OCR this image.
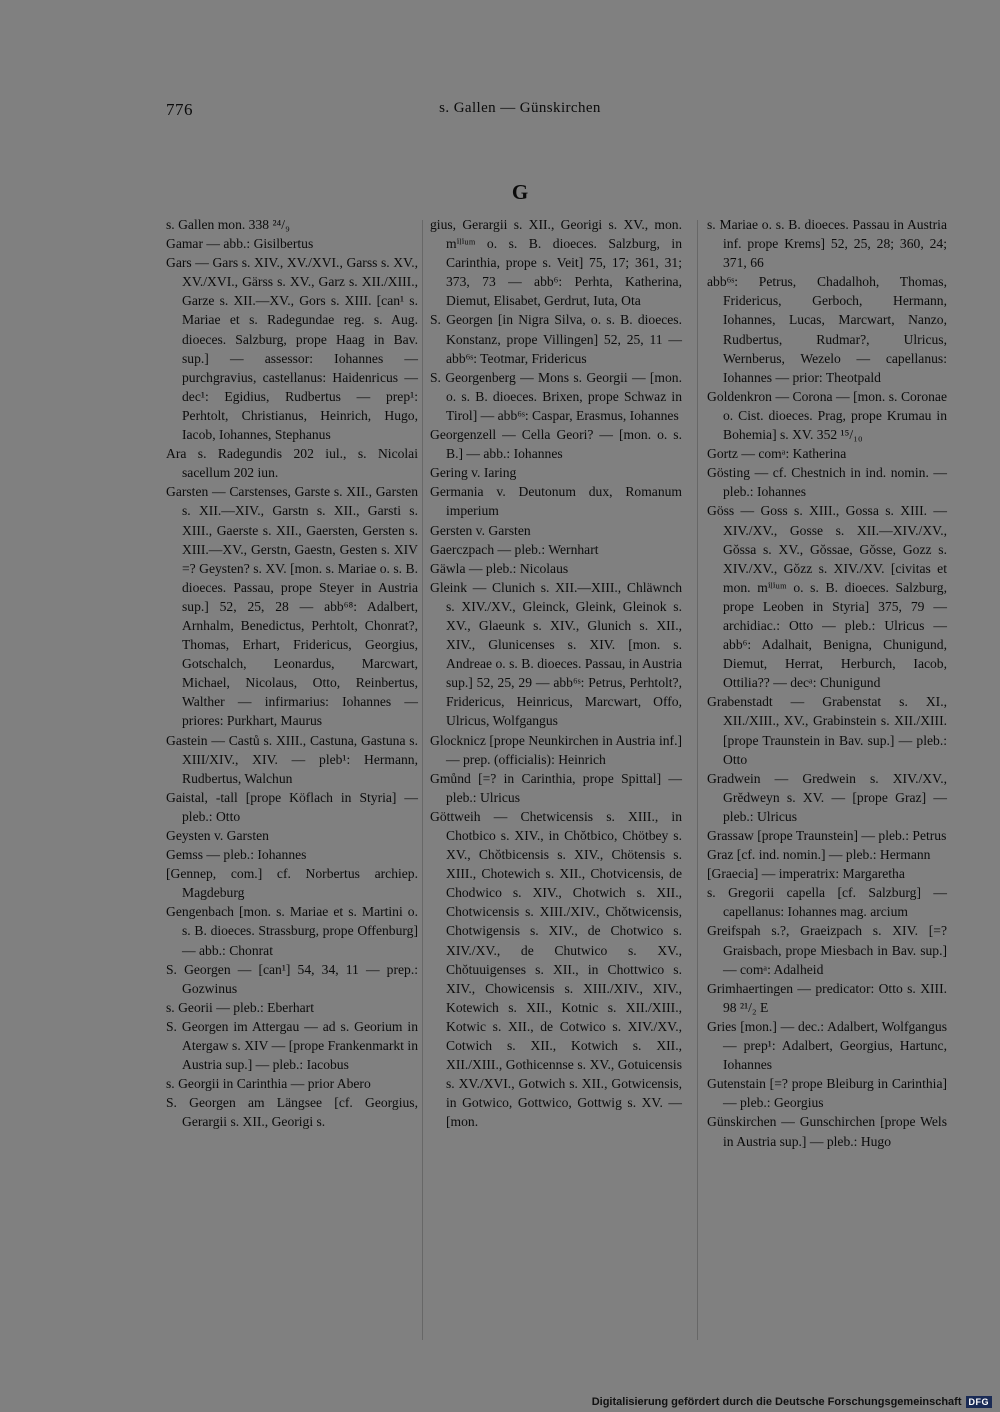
776	s. Gallen — Günskirchen
G

s. Gallen mon. 338 ²⁴/₉

Gamar — abb.: Gisilbertus

Gars — Gars s. XIV., XV./XVI., Garss s. XV., XV./XVI., Gärss s. XV., Garz s. XII./XIII., Garze s. XII.—XV., Gors s. XIII. [can¹ s. Mariae et s. Radegundae reg. s. Aug. dioeces. Salzburg, prope Haag in Bav. sup.] — assessor: Iohannes — purchgravius, castellanus: Haidenricus — dec¹: Egidius, Rudbertus — prep¹: Perhtolt, Christianus, Heinrich, Hugo, Iacob, Iohannes, Stephanus

Ara s. Radegundis 202 iul., s. Nicolai sacellum 202 iun.

Garsten — Carstenses, Garste s. XII., Garsten s. XII.—XIV., Garstn s. XII., Garsti s. XIII., Gaerste s. XII., Gaersten, Gersten s. XIII.—XV., Gerstn, Gaestn, Gesten s. XIV =? Geysten? s. XV. [mon. s. Mariae o. s. B. dioeces. Passau, prope Steyer in Austria sup.] 52, 25, 28 — abb⁶⁸: Adalbert, Arnhalm, Benedictus, Perhtolt, Chonrat?, Thomas, Erhart, Fridericus, Georgius, Gotschalch, Leonardus, Marcwart, Michael, Nicolaus, Otto, Reinbertus, Walther — infirmarius: Iohannes — priores: Purkhart, Maurus

Gastein — Castů s. XIII., Castuna, Gastuna s. XIII/XIV., XIV. — pleb¹: Hermann, Rudbertus, Walchun

Gaistal, -tall [prope Köflach in Styria] — pleb.: Otto

Geysten v. Garsten

Gemss — pleb.: Iohannes

[Gennep, com.] cf. Norbertus archiep. Magdeburg

Gengenbach [mon. s. Mariae et s. Martini o. s. B. dioeces. Strassburg, prope Offenburg] — abb.: Chonrat

S. Georgen — [can¹] 54, 34, 11 — prep.: Gozwinus

s. Georii — pleb.: Eberhart

S. Georgen im Attergau — ad s. Georium in Atergaw s. XIV — [prope Frankenmarkt in Austria sup.] — pleb.: Iacobus

s. Georgii in Carinthia — prior Abero

S. Georgen am Längsee [cf. Georgius, Gerargii s. XII., Georigi s.

gius, Gerargii s. XII., Georigi s. XV., mon. mⁱˡⁱᵘᵐ o. s. B. dioeces. Salzburg, in Carinthia, prope s. Veit] 75, 17; 361, 31; 373, 73 — abb⁶: Perhta, Katherina, Diemut, Elisabet, Gerdrut, Iuta, Ota

S. Georgen [in Nigra Silva, o. s. B. dioeces. Konstanz, prope Villingen] 52, 25, 11 — abb⁶ˢ: Teotmar, Fridericus

S. Georgenberg — Mons s. Georgii — [mon. o. s. B. dioeces. Brixen, prope Schwaz in Tirol] — abb⁶ˢ: Caspar, Erasmus, Iohannes

Georgenzell — Cella Geori? — [mon. o. s. B.] — abb.: Iohannes

Gering v. Iaring

Germania v. Deutonum dux, Romanum imperium

Gersten v. Garsten

Gaerczpach — pleb.: Wernhart

Gäwla — pleb.: Nicolaus

Gleink — Clunich s. XII.—XIII., Chläwnch s. XIV./XV., Gleinck, Gleink, Gleinok s. XV., Glaeunk s. XIV., Glunich s. XII., XIV., Glunicenses s. XIV. [mon. s. Andreae o. s. B. dioeces. Passau, in Austria sup.] 52, 25, 29 — abb⁶ˢ: Petrus, Perhtolt?, Fridericus, Heinricus, Marcwart, Offo, Ulricus, Wolfgangus

Glocknicz [prope Neunkirchen in Austria inf.] — prep. (officialis): Heinrich

Gmůnd [=? in Carinthia, prope Spittal] — pleb.: Ulricus

Göttweih — Chetwicensis s. XIII., in Chotbico s. XIV., in Chŏtbico, Chötbey s. XV., Chŏtbicensis s. XIV., Chötensis s. XIII., Chotewich s. XII., Chotvicensis, de Chodwico s. XIV., Chotwich s. XII., Chotwicensis s. XIII./XIV., Chŏtwicensis, Chotwigensis s. XIV., de Chotwico s. XIV./XV., de Chutwico s. XV., Chŏtuuigenses s. XII., in Chottwico s. XIV., Chowicensis s. XIII./XIV., XIV., Kotewich s. XII., Kotnic s. XII./XIII., Kotwic s. XII., de Cotwico s. XIV./XV., Cotwich s. XII., Kotwich s. XII., XII./XIII., Gothicennse s. XV., Gotuicensis s. XV./XVI., Gotwich s. XII., Gotwicensis, in Gotwico, Gottwico, Gottwig s. XV. — [mon.

s. Mariae o. s. B. dioeces. Passau in Austria inf. prope Krems] 52, 25, 28; 360, 24; 371, 66

abb⁶ˢ: Petrus, Chadalhoh, Thomas, Fridericus, Gerboch, Hermann, Iohannes, Lucas, Marcwart, Nanzo, Rudbertus, Rudmar?, Ulricus, Wernberus, Wezelo — capellanus: Iohannes — prior: Theotpald

Goldenkron — Corona — [mon. s. Coronae o. Cist. dioeces. Prag, prope Krumau in Bohemia] s. XV. 352 ¹⁵/₁₀

Gortz — comᵃ: Katherina

Gösting — cf. Chestnich in ind. nomin. — pleb.: Iohannes

Göss — Goss s. XIII., Gossa s. XIII. —XIV./XV., Gosse s. XII.—XIV./XV., Gŏssa s. XV., Gŏssae, Gŏsse, Gozz s. XIV./XV., Gŏzz s. XIV./XV. [civitas et mon. mⁱˡⁱᵘᵐ o. s. B. dioeces. Salzburg, prope Leoben in Styria] 375, 79 — archidiac.: Otto — pleb.: Ulricus — abb⁶: Adalhait, Benigna, Chunigund, Diemut, Herrat, Herburch, Iacob, Ottilia?? — decᵃ: Chunigund

Grabenstadt — Grabenstat s. XI., XII./XIII., XV., Grabinstein s. XII./XIII. [prope Traunstein in Bav. sup.] — pleb.: Otto

Gradwein — Gredwein s. XIV./XV., Grĕdweyn s. XV. — [prope Graz] — pleb.: Ulricus

Grassaw [prope Traunstein] — pleb.: Petrus

Graz [cf. ind. nomin.] — pleb.: Hermann

[Graecia] — imperatrix: Margaretha

s. Gregorii capella [cf. Salzburg] — capellanus: Iohannes mag. arcium

Greifspah s.?, Graeizpach s. XIV. [=? Graisbach, prope Miesbach in Bav. sup.] — comᵃ: Adalheid

Grimhaertingen — predicator: Otto s. XIII. 98 ²¹/₂ E

Gries [mon.] — dec.: Adalbert, Wolfgangus — prep¹: Adalbert, Georgius, Hartunc, Iohannes

Gutenstain [=? prope Bleiburg in Carinthia] — pleb.: Georgius

Günskirchen — Gunschirchen [prope Wels in Austria sup.] — pleb.: Hugo

Digitalisierung gefördert durch die Deutsche Forschungsgemeinschaft DFG
